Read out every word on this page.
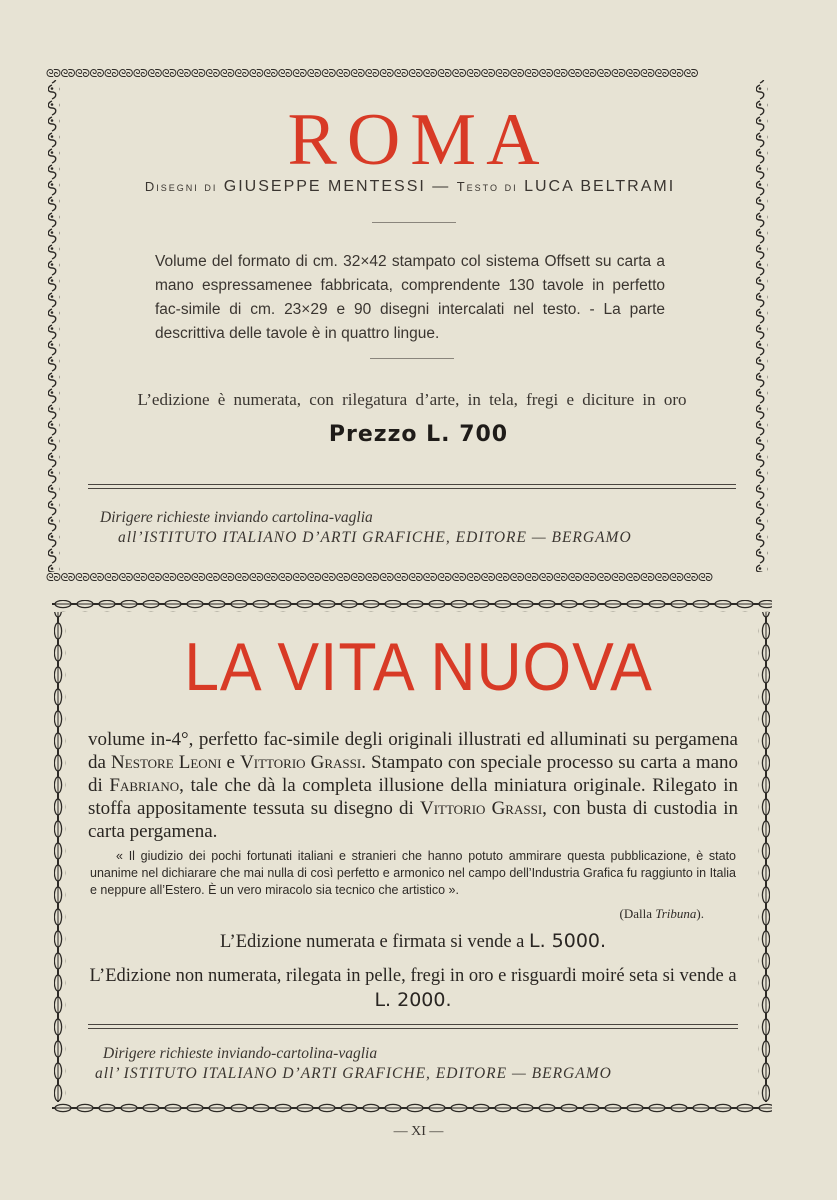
ᘓᘐᘓᘐᘓᘐᘓᘐᘓᘐᘓᘐᘓᘐᘓᘐᘓᘐᘓᘐᘓᘐᘓᘐᘓᘐᘓᘐᘓᘐᘓᘐᘓᘐᘓᘐᘓᘐᘓᘐᘓᘐᘓᘐᘓᘐᘓᘐᘓᘐᘓᘐᘓᘐᘓᘐᘓᘐᘓᘐᘓᘐᘓᘐᘓᘐᘓᘐᘓᘐᘓᘐᘓᘐᘓᘐᘓᘐᘓᘐᘓᘐᘓᘐᘓᘐᘓᘐᘓᘐ
ᘓᘐᘓᘐᘓᘐᘓᘐᘓᘐᘓᘐᘓᘐᘓᘐᘓᘐᘓᘐᘓᘐᘓᘐᘓᘐᘓᘐᘓᘐᘓᘐᘓᘐᘓᘐᘓᘐᘓᘐᘓᘐᘓᘐᘓᘐᘓᘐᘓᘐᘓᘐᘓᘐᘓᘐᘓᘐᘓᘐᘓᘐᘓᘐᘓᘐᘓᘐᘓᘐᘓᘐᘓᘐᘓᘐᘓᘐᘓᘐᘓᘐᘓᘐᘓᘐᘓᘐᘓᘐᘓᘐ
ROMA
Disegni di GIUSEPPE MENTESSI — Testo di LUCA BELTRAMI
Volume del formato di cm. 32×42 stampato col sistema Offsett su carta a mano espressamenee fabbricata, comprendente 130 tavole in perfetto fac-simile di cm. 23×29 e 90 disegni intercalati nel testo. - La parte descrittiva delle tavole è in quattro lingue.
L’edizione è numerata, con rilegatura d’arte, in tela, fregi e diciture in oro
Prezzo L. 700
Dirigere richieste inviando cartolina-vaglia
all’ISTITUTO ITALIANO D’ARTI GRAFICHE, EDITORE — BERGAMO
LA VITA NUOVA
volume in-4°, perfetto fac-simile degli originali illustrati ed alluminati su pergamena da Nestore Leoni e Vittorio Grassi. Stampato con speciale processo su carta a mano di Fabriano, tale che dà la completa illusione della miniatura originale. Rilegato in stoffa appositamente tessuta su disegno di Vittorio Grassi, con busta di custodia in carta pergamena.
« Il giudizio dei pochi fortunati italiani e stranieri che hanno potuto ammirare questa pubblicazione, è stato unanime nel dichiarare che mai nulla di così perfetto e armonico nel campo dell’Industria Grafica fu raggiunto in Italia e neppure all’Estero. È un vero miracolo sia tecnico che artistico ».
(Dalla Tribuna).
L’Edizione numerata e firmata si vende a L. 5000.
L’Edizione non numerata, rilegata in pelle, fregi in oro e risguardi moiré seta si vende a L. 2000.
Dirigere richieste inviando-cartolina-vaglia
all’ ISTITUTO ITALIANO D’ARTI GRAFICHE, EDITORE — BERGAMO
— XI —
